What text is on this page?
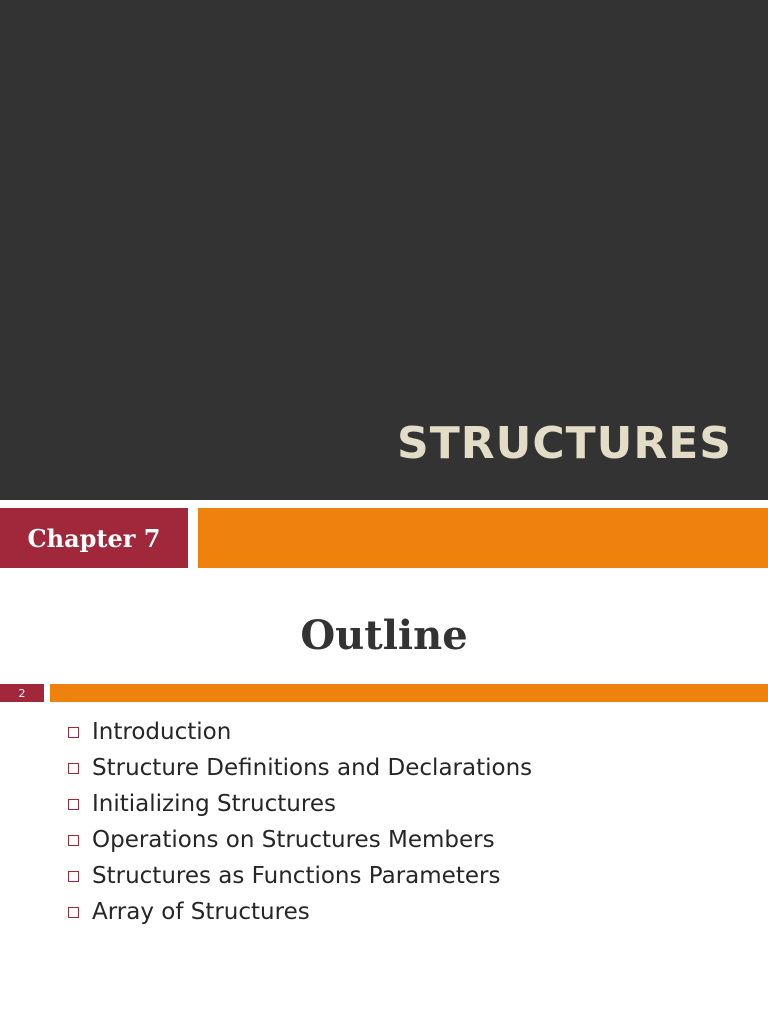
STRUCTURES
Chapter 7
Outline
2
Introduction
Structure Definitions and Declarations
Initializing Structures
Operations on Structures Members
Structures as Functions Parameters
Array of Structures
